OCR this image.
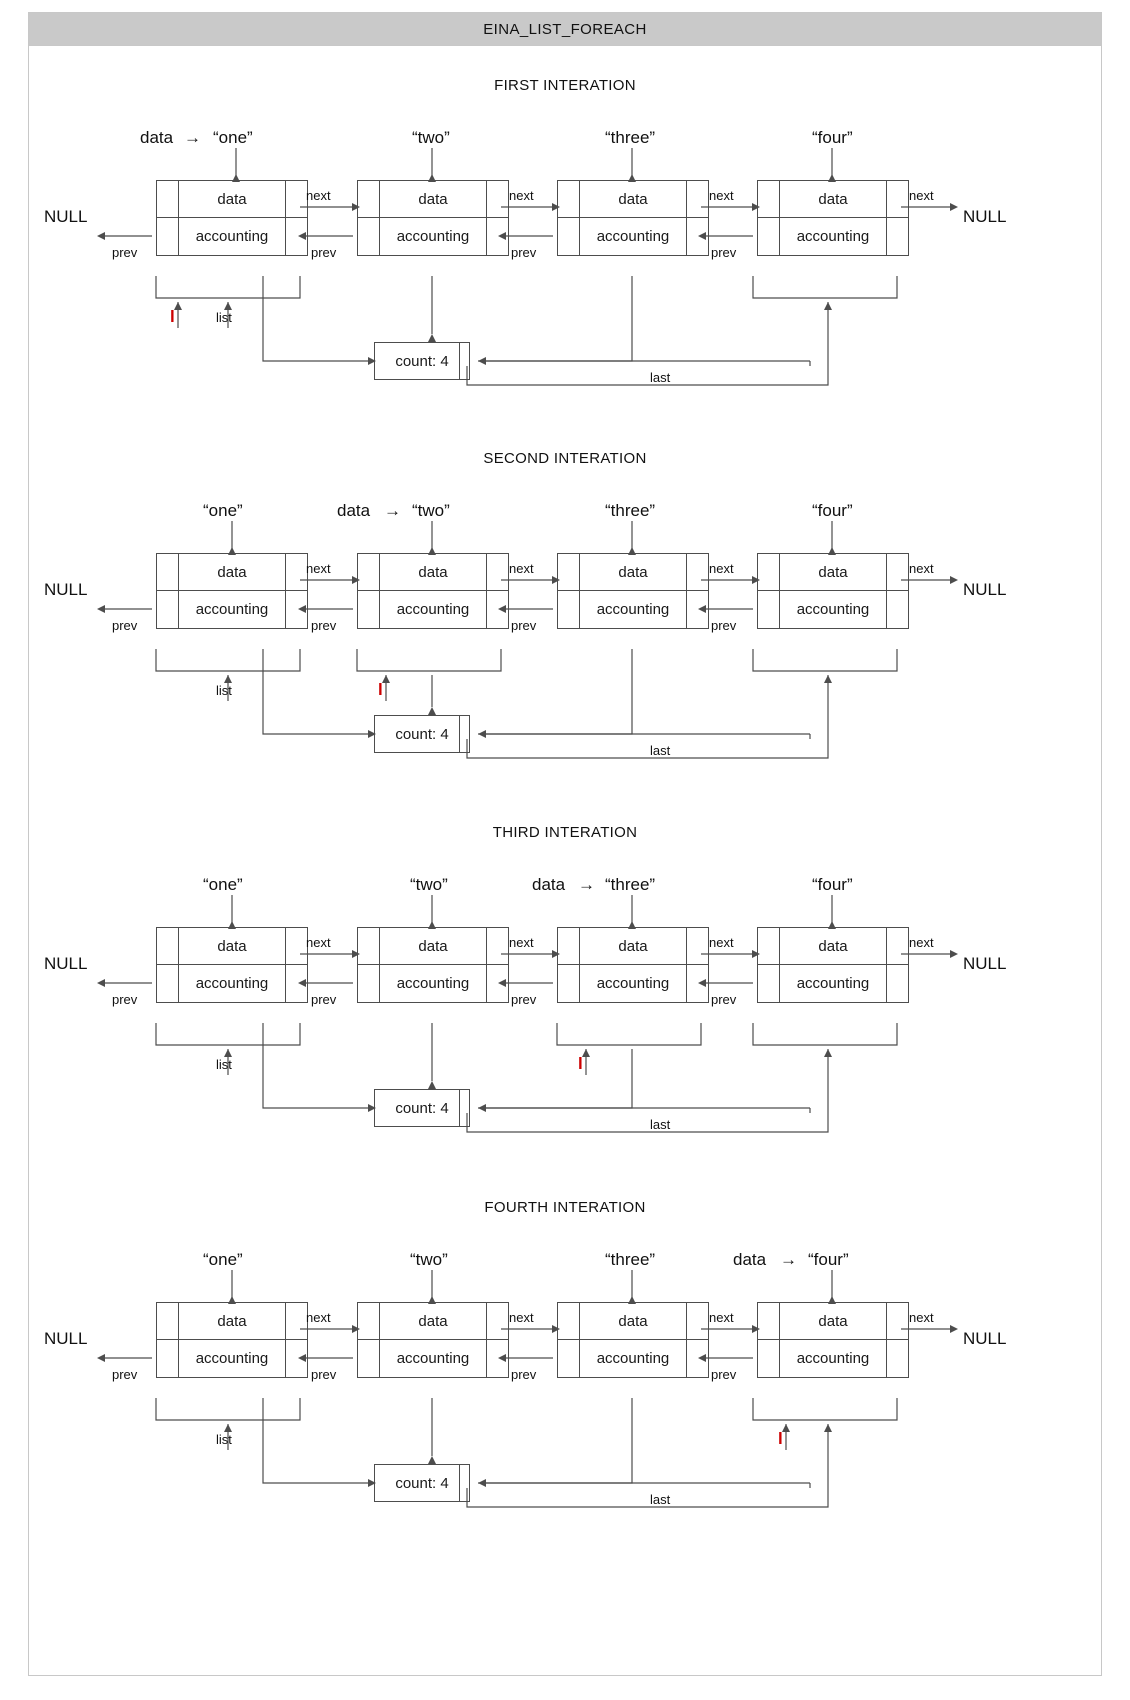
EINA_LIST_FOREACH
FIRST INTERATION
data → “one”	“two”	“three”	“four”
NULL	NULL
data
accounting
data
accounting
data
accounting
data
accounting
next	next	next	next
prev	prev	prev	prev
l	list
last
count: 4
SECOND INTERATION
“one”	data → “two”	“three”	“four”
NULL	NULL
data
accounting
data
accounting
data
accounting
data
accounting
next	next	next	next
prev	prev	prev	prev
list	l
last
count: 4
THIRD INTERATION
“one”	“two”	data → “three”	“four”
NULL	NULL
data
accounting
data
accounting
data
accounting
data
accounting
next	next	next	next
prev	prev	prev	prev
list	l
last
count: 4
FOURTH INTERATION
“one”	“two”	“three”	data → “four”
NULL	NULL
data
accounting
data
accounting
data
accounting
data
accounting
next	next	next	next
prev	prev	prev	prev
list	l
last
count: 4
